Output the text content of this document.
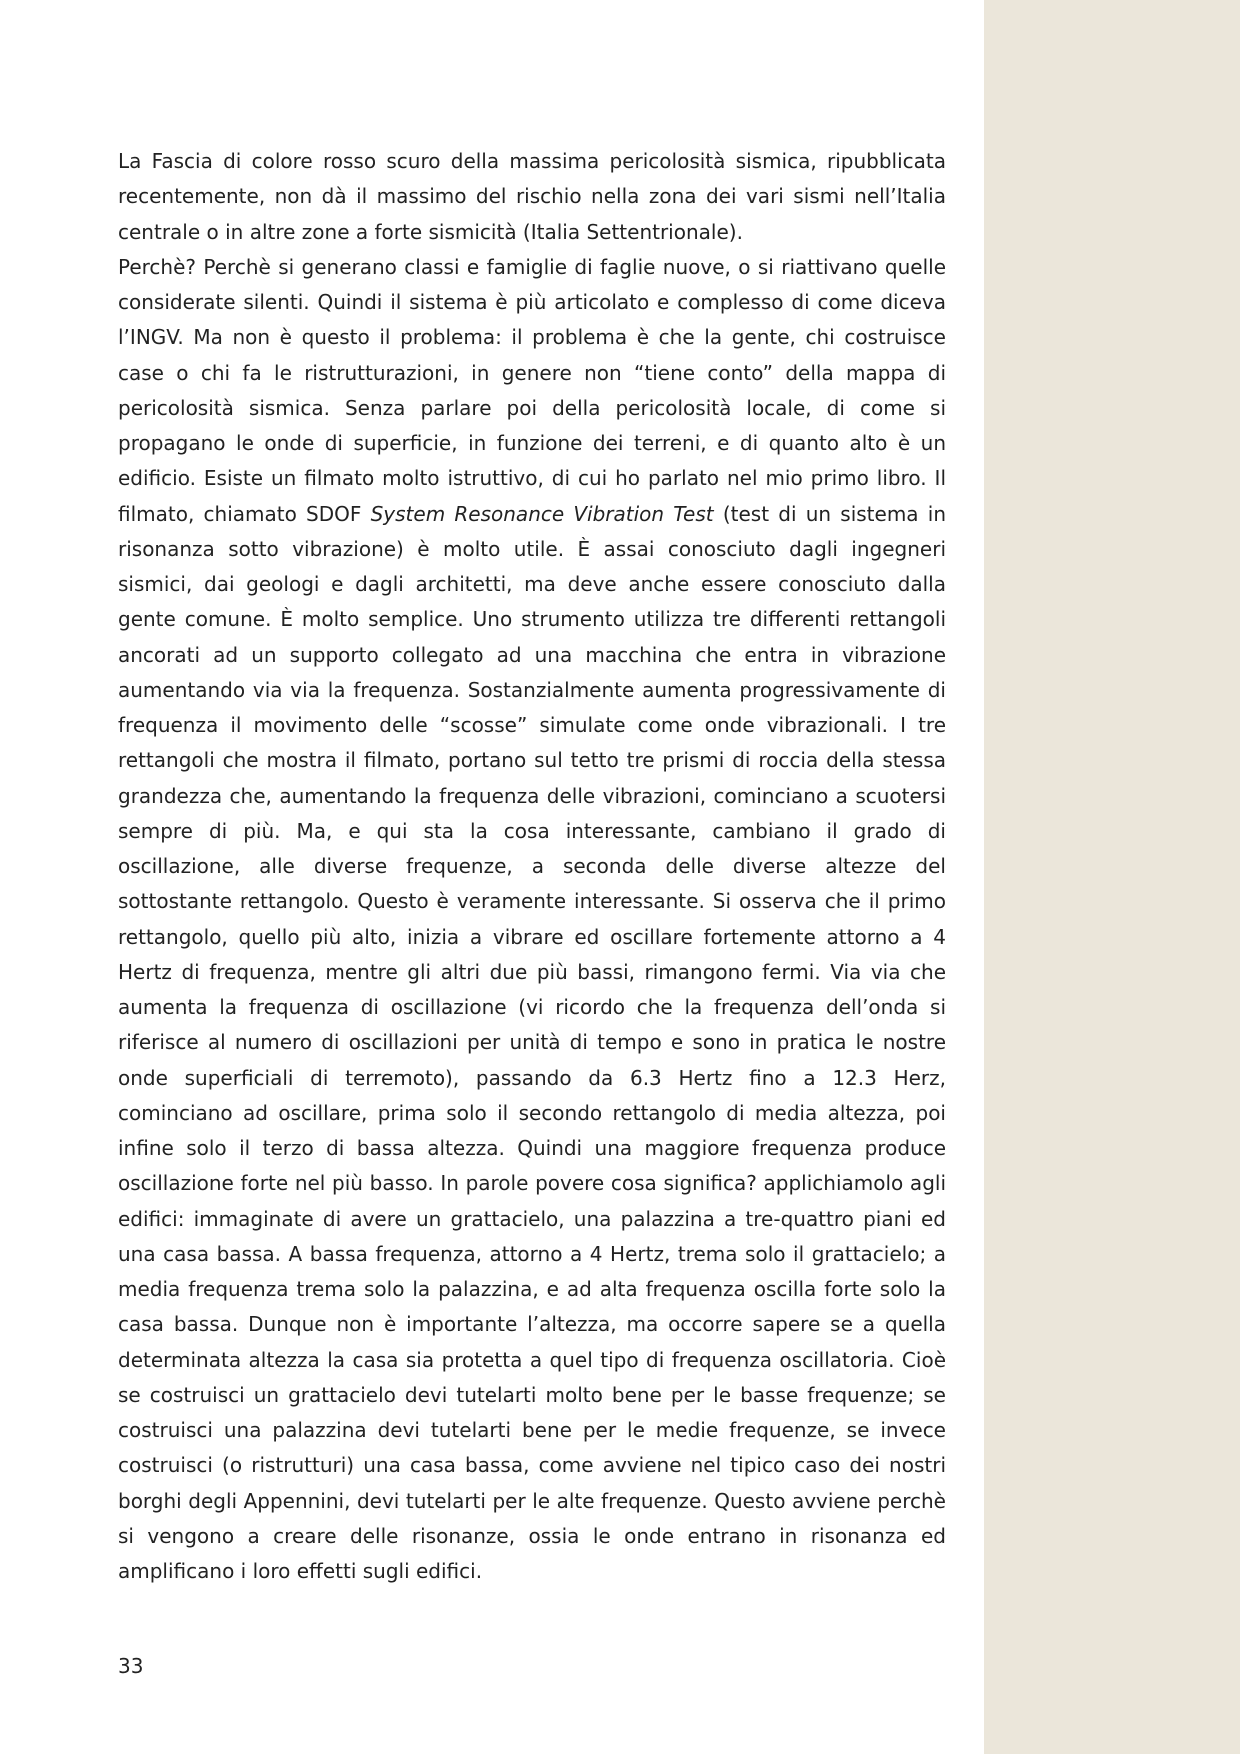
La Fascia di colore rosso scuro della massima pericolosità sismica, ripubblicata recentemente, non dà il massimo del rischio nella zona dei vari sismi nell’Italia centrale o in altre zone a forte sismicità (Italia Settentrionale).

Perchè? Perchè si generano classi e famiglie di faglie nuove, o si riattivano quelle considerate silenti. Quindi il sistema è più articolato e complesso di come diceva l’INGV. Ma non è questo il problema: il problema è che la gente, chi costruisce case o chi fa le ristrutturazioni, in genere non “tiene conto” della mappa di pericolosità sismica. Senza parlare poi della pericolosità locale, di come si propagano le onde di superficie, in funzione dei terreni, e di quanto alto è un edificio. Esiste un filmato molto istruttivo, di cui ho parlato nel mio primo libro. Il filmato, chiamato SDOF System Resonance Vibration Test (test di un sistema in risonanza sotto vibrazione) è molto utile. È assai conosciuto dagli ingegneri sismici, dai geologi e dagli architetti, ma deve anche essere conosciuto dalla gente comune. È molto semplice. Uno strumento utilizza tre differenti rettangoli ancorati ad un supporto collegato ad una macchina che entra in vibrazione aumentando via via la frequenza. Sostanzialmente aumenta progressivamente di frequenza il movimento delle “scosse” simulate come onde vibrazionali. I tre rettangoli che mostra il filmato, portano sul tetto tre prismi di roccia della stessa grandezza che, aumentando la frequenza delle vibrazioni, cominciano a scuotersi sempre di più. Ma, e qui sta la cosa interessante, cambiano il grado di oscillazione, alle diverse frequenze, a seconda delle diverse altezze del sottostante rettangolo. Questo è veramente interessante. Si osserva che il primo rettangolo, quello più alto, inizia a vibrare ed oscillare fortemente attorno a 4 Hertz di frequenza, mentre gli altri due più bassi, rimangono fermi. Via via che aumenta la frequenza di oscillazione (vi ricordo che la frequenza dell’onda si riferisce al numero di oscillazioni per unità di tempo e sono in pratica le nostre onde superficiali di terremoto), passando da 6.3 Hertz fino a 12.3 Herz, cominciano ad oscillare, prima solo il secondo rettangolo di media altezza, poi infine solo il terzo di bassa altezza. Quindi una maggiore frequenza produce oscillazione forte nel più basso. In parole povere cosa significa? applichiamolo agli edifici: immaginate di avere un grattacielo, una palazzina a tre-quattro piani ed una casa bassa. A bassa frequenza, attorno a 4 Hertz, trema solo il grattacielo; a media frequenza trema solo la palazzina, e ad alta frequenza oscilla forte solo la casa bassa. Dunque non è importante l’altezza, ma occorre sapere se a quella determinata altezza la casa sia protetta a quel tipo di frequenza oscillatoria. Cioè se costruisci un grattacielo devi tutelarti molto bene per le basse frequenze; se costruisci una palazzina devi tutelarti bene per le medie frequenze, se invece costruisci (o ristrutturi) una casa bassa, come avviene nel tipico caso dei nostri borghi degli Appennini, devi tutelarti per le alte frequenze. Questo avviene perchè si vengono a creare delle risonanze, ossia le onde entrano in risonanza ed amplificano i loro effetti sugli edifici.

33
